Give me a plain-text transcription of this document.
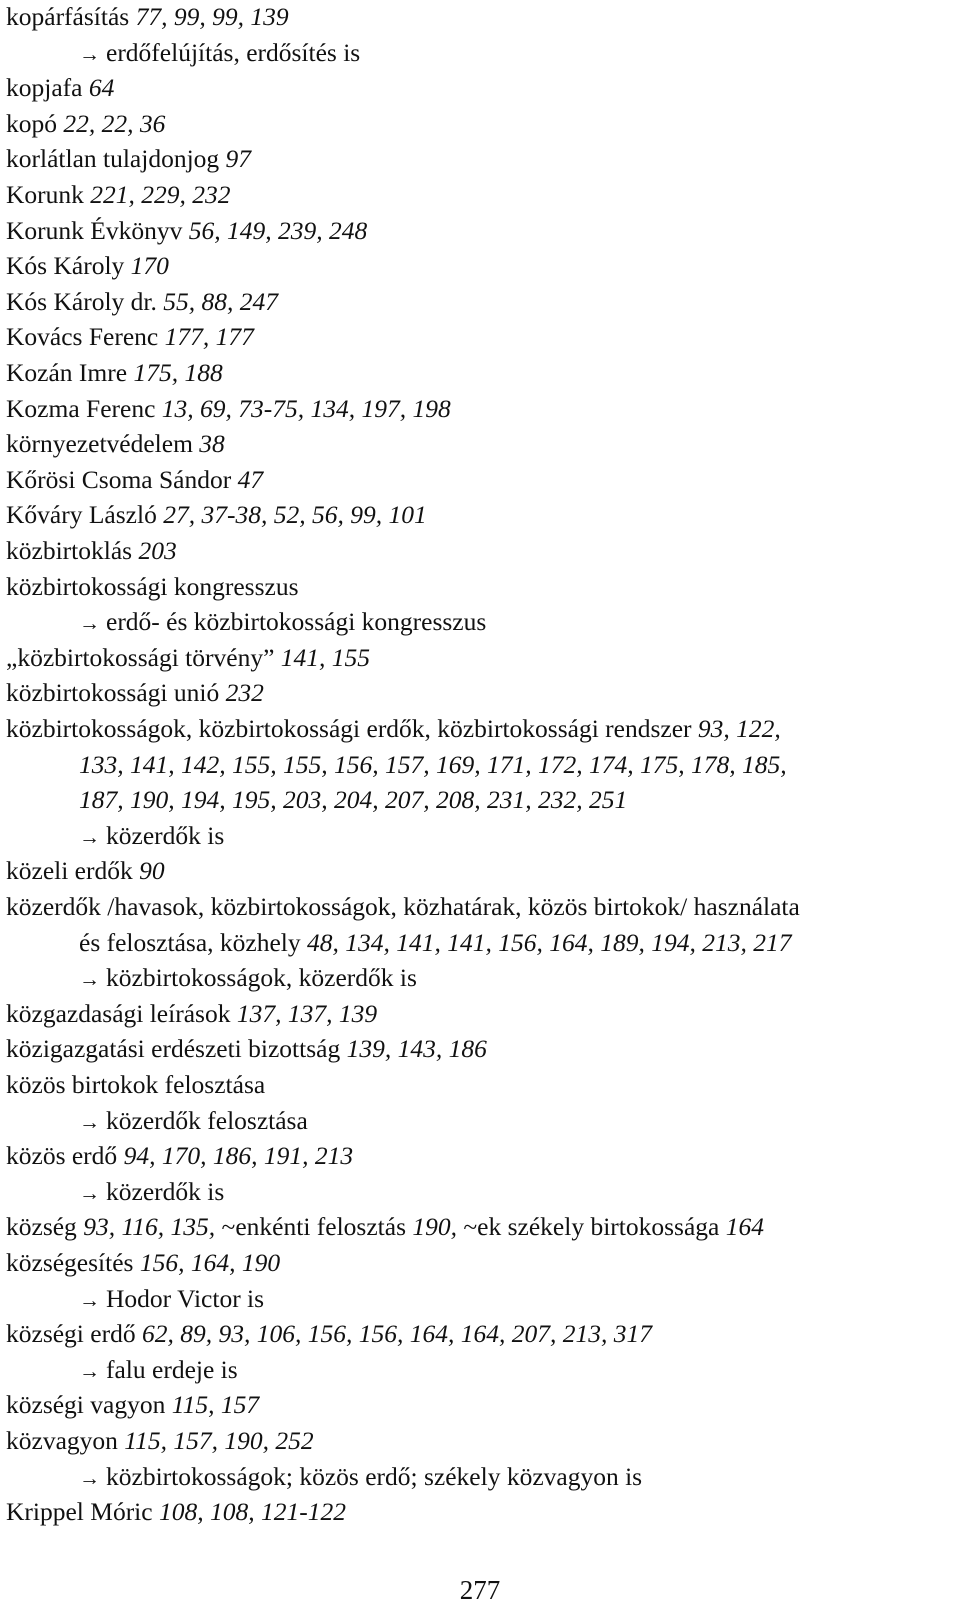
kopárfásítás 77, 99, 99, 139
→ erdőfelújítás, erdősítés is
kopjafa 64
kopó 22, 22, 36
korlátlan tulajdonjog 97
Korunk 221, 229, 232
Korunk Évkönyv 56, 149, 239, 248
Kós Károly 170
Kós Károly dr. 55, 88, 247
Kovács Ferenc 177, 177
Kozán Imre 175, 188
Kozma Ferenc 13, 69, 73-75, 134, 197, 198
környezetvédelem 38
Kőrösi Csoma Sándor 47
Kőváry László 27, 37-38, 52, 56, 99, 101
közbirtoklás 203
közbirtokossági kongresszus
→ erdő- és közbirtokossági kongresszus
„közbirtokossági törvény” 141, 155
közbirtokossági unió 232
közbirtokosságok, közbirtokossági erdők, közbirtokossági rendszer 93, 122,
133, 141, 142, 155, 155, 156, 157, 169, 171, 172, 174, 175, 178, 185,
187, 190, 194, 195, 203, 204, 207, 208, 231, 232, 251
→ közerdők is
közeli erdők 90
közerdők /havasok, közbirtokosságok, közhatárak, közös birtokok/ használata
és felosztása, közhely 48, 134, 141, 141, 156, 164, 189, 194, 213, 217
→ közbirtokosságok, közerdők is
közgazdasági leírások 137, 137, 139
közigazgatási erdészeti bizottság 139, 143, 186
közös birtokok felosztása
→ közerdők felosztása
közös erdő 94, 170, 186, 191, 213
→ közerdők is
község 93, 116, 135, ~enkénti felosztás 190, ~ek székely birtokossága 164
községesítés 156, 164, 190
→ Hodor Victor is
községi erdő 62, 89, 93, 106, 156, 156, 164, 164, 207, 213, 317
→ falu erdeje is
községi vagyon 115, 157
közvagyon 115, 157, 190, 252
→ közbirtokosságok; közös erdő; székely közvagyon is
Krippel Móric 108, 108, 121-122
277
